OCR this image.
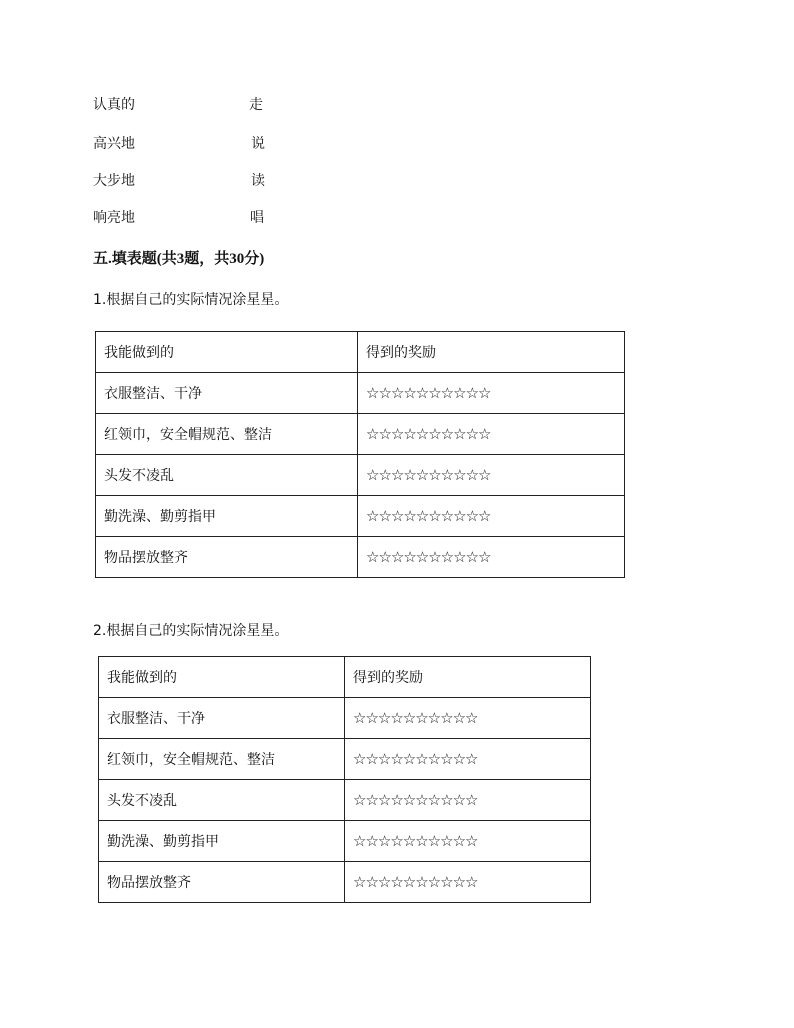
认真的	走
高兴地	说
大步地	读
响亮地	唱
五.填表题(共3题，共30分)
1.根据自己的实际情况涂星星。
我能做到的	得到的奖励
衣服整洁、干净	☆☆☆☆☆☆☆☆☆☆
红领巾，安全帽规范、整洁	☆☆☆☆☆☆☆☆☆☆
头发不凌乱	☆☆☆☆☆☆☆☆☆☆
勤洗澡、勤剪指甲	☆☆☆☆☆☆☆☆☆☆
物品摆放整齐	☆☆☆☆☆☆☆☆☆☆
2.根据自己的实际情况涂星星。
我能做到的	得到的奖励
衣服整洁、干净	☆☆☆☆☆☆☆☆☆☆
红领巾，安全帽规范、整洁	☆☆☆☆☆☆☆☆☆☆
头发不凌乱	☆☆☆☆☆☆☆☆☆☆
勤洗澡、勤剪指甲	☆☆☆☆☆☆☆☆☆☆
物品摆放整齐	☆☆☆☆☆☆☆☆☆☆
